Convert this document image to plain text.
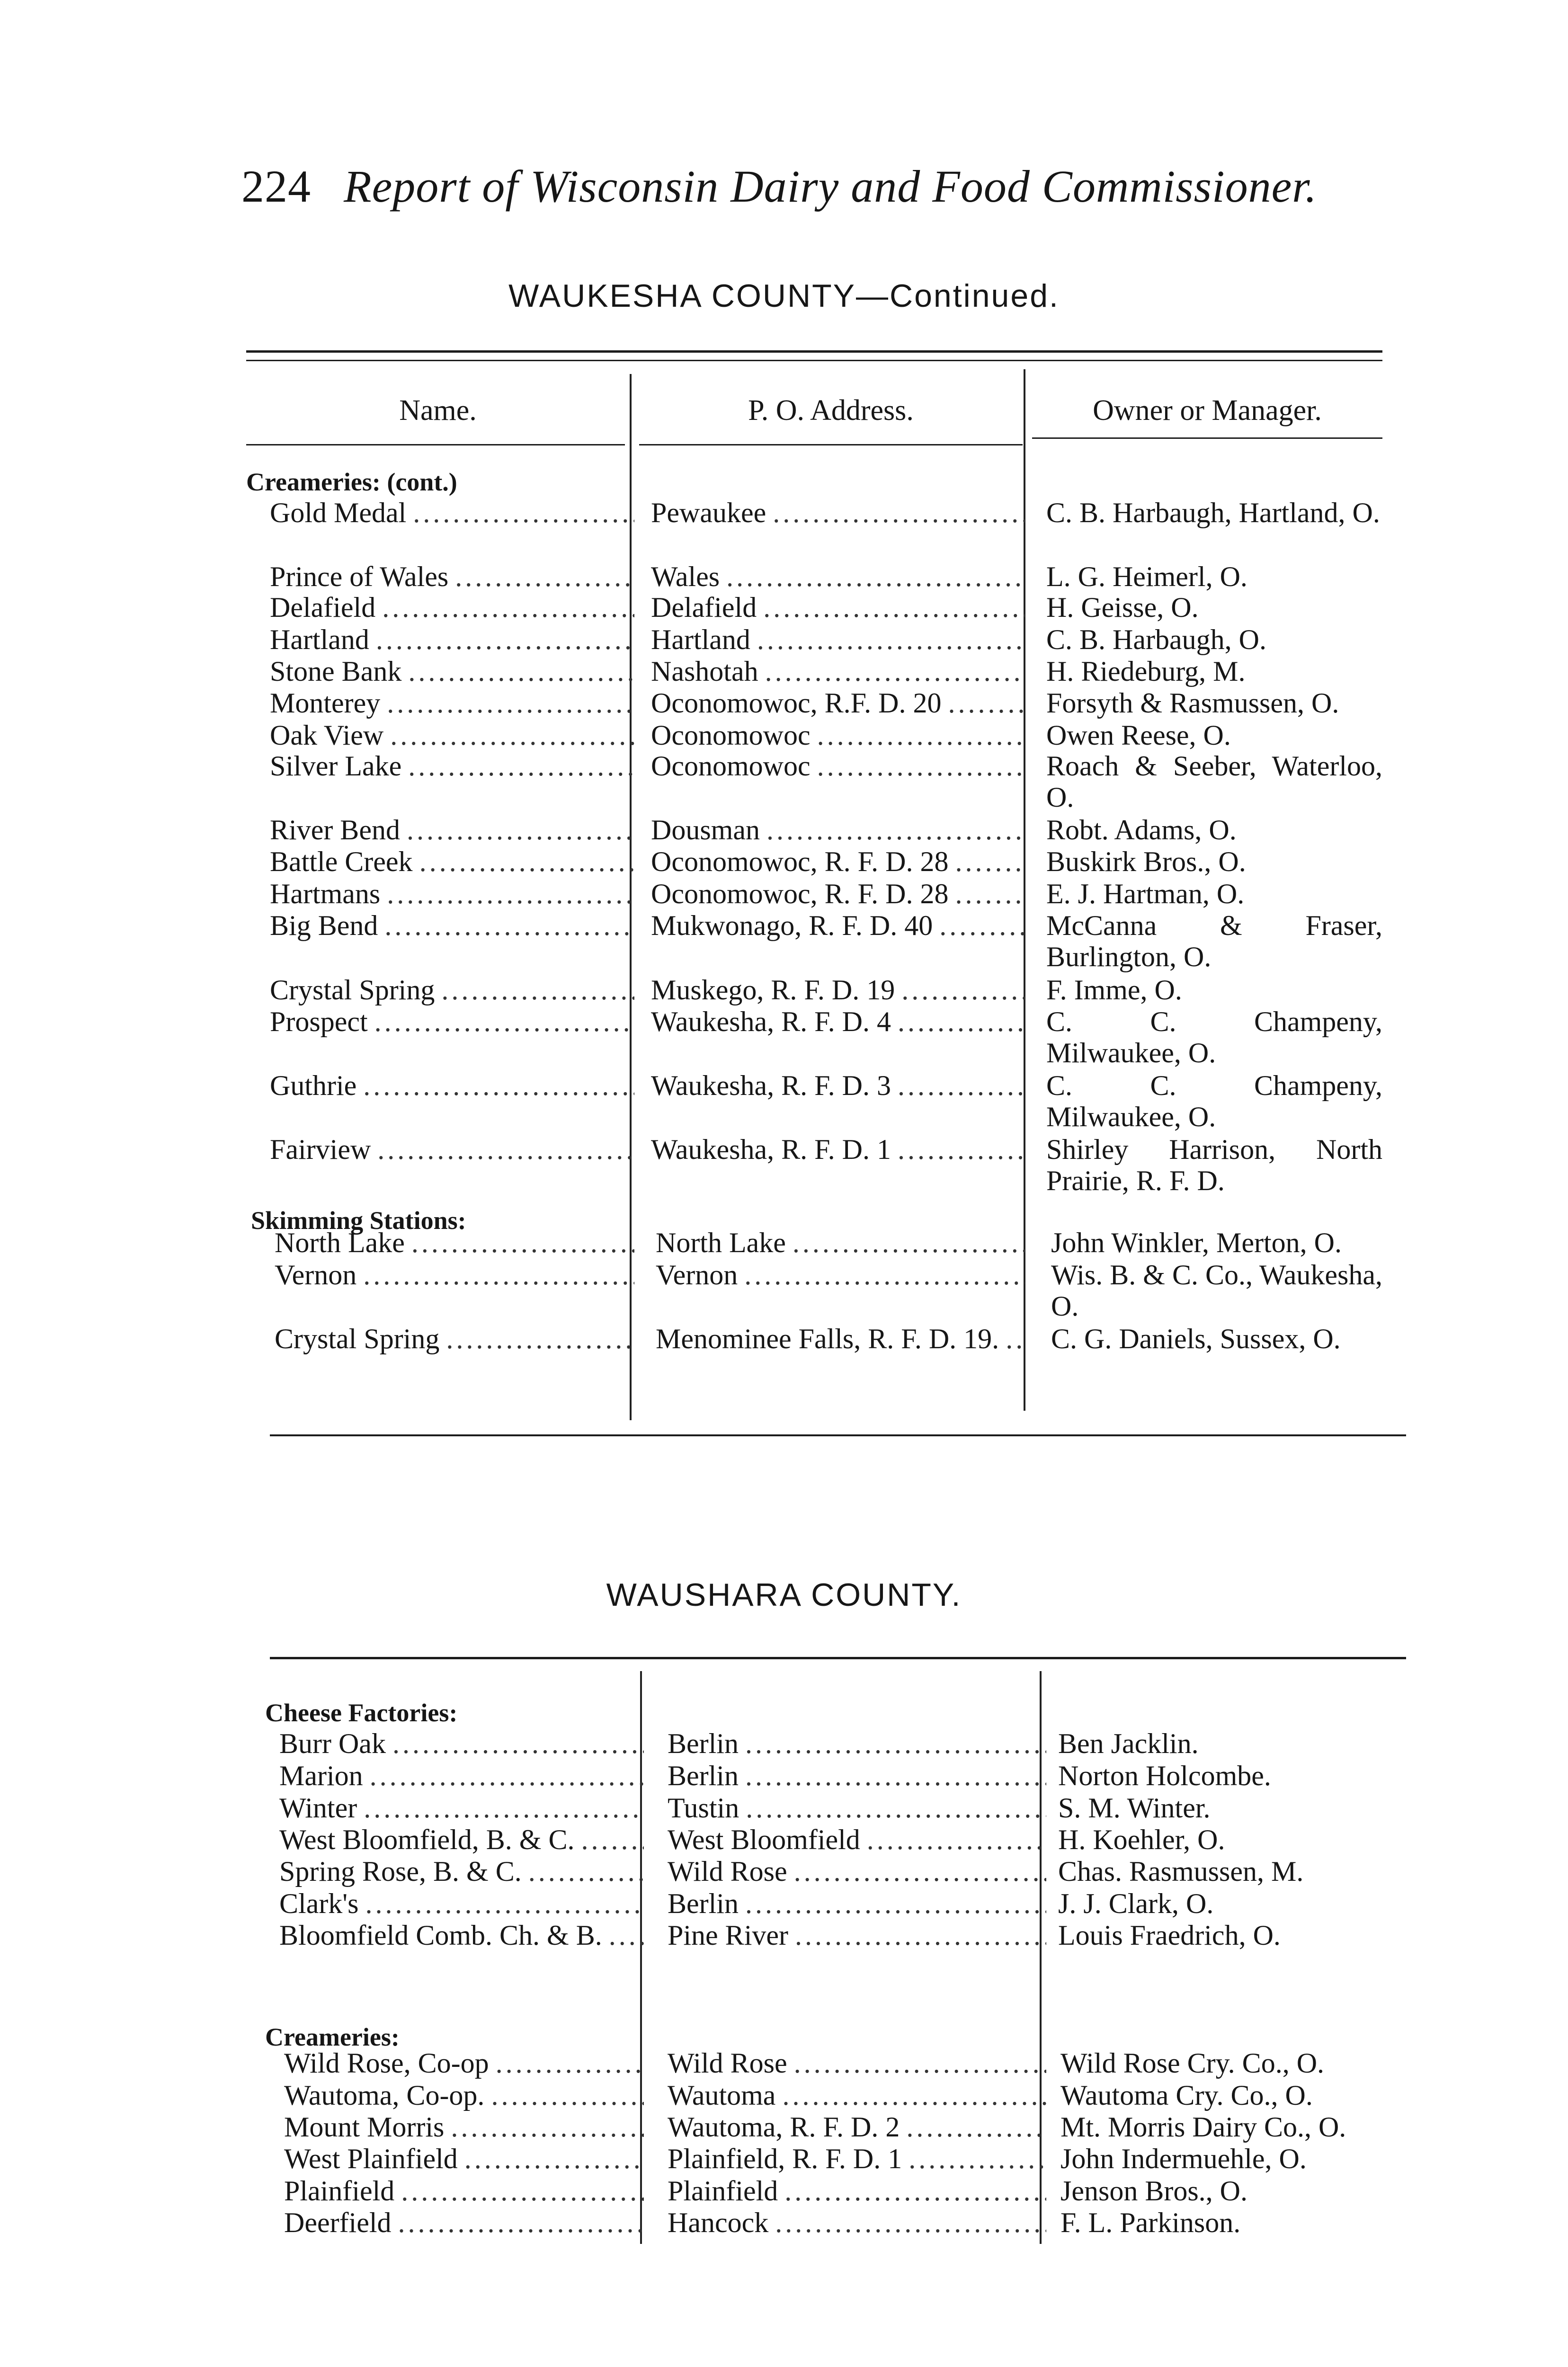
224 Report of Wisconsin Dairy and Food Commissioner.
WAUKESHA COUNTY—Continued.
Name.	P. O. Address.	Owner or Manager.
Creameries: (cont.)
Skimming Stations:
Gold Medal .....	Pewaukee .....	C. B. Harbaugh, Hartland, O.
Prince of Wales .....	Wales .....	L. G. Heimerl, O.
Delafield .....	Delafield .....	H. Geisse, O.
Hartland .....	Hartland .....	C. B. Harbaugh, O.
Stone Bank .....	Nashotah .....	H. Riedeburg, M.
Monterey .....	Oconomowoc, R.F. D. 20 .....	Forsyth & Rasmussen, O.
Oak View .....	Oconomowoc .....	Owen Reese, O.
Silver Lake .....	Oconomowoc .....	Roach & Seeber, Waterloo, O.
River Bend .....	Dousman .....	Robt. Adams, O.
Battle Creek .....	Oconomowoc, R. F. D. 28 .....	Buskirk Bros., O.
Hartmans .....	Oconomowoc, R. F. D. 28 .....	E. J. Hartman, O.
Big Bend .....	Mukwonago, R. F. D. 40 .....	McCanna & Fraser, Burlington, O.
Crystal Spring .....	Muskego, R. F. D. 19 .....	F. Imme, O.
Prospect .....	Waukesha, R. F. D. 4 .....	C. C. Champeny, Milwaukee, O.
Guthrie .....	Waukesha, R. F. D. 3 .....	C. C. Champeny, Milwaukee, O.
Fairview .....	Waukesha, R. F. D. 1 .....	Shirley Harrison, North Prairie, R. F. D.
North Lake .....	North Lake .....	John Winkler, Merton, O.
Vernon .....	Vernon .....	Wis. B. & C. Co., Waukesha, O.
Crystal Spring .....	Menominee Falls, R. F. D. 19. ..... C. G. Daniels, Sussex, O.
WAUSHARA COUNTY.
Cheese Factories:
Creameries:
Burr Oak .....	Berlin .....	Ben Jacklin.
Marion .....	Berlin .....	Norton Holcombe.
Winter .....	Tustin .....	S. M. Winter.
West Bloomfield, B. & C. .....	West Bloomfield .....	H. Koehler, O.
Spring Rose, B. & C. .....	Wild Rose .....	Chas. Rasmussen, M.
Clark's .....	Berlin .....	J. J. Clark, O.
Bloomfield Comb. Ch. & B. ..... Pine River .....	Louis Fraedrich, O.
Wild Rose, Co-op .....	Wild Rose .....	Wild Rose Cry. Co., O.
Wautoma, Co-op. .....	Wautoma .....	Wautoma Cry. Co., O.
Mount Morris .....	Wautoma, R. F. D. 2 .....	Mt. Morris Dairy Co., O.
West Plainfield .....	Plainfield, R. F. D. 1 .....	John Indermuehle, O.
Plainfield .....	Plainfield .....	Jenson Bros., O.
Deerfield .....	Hancock .....	F. L. Parkinson.
